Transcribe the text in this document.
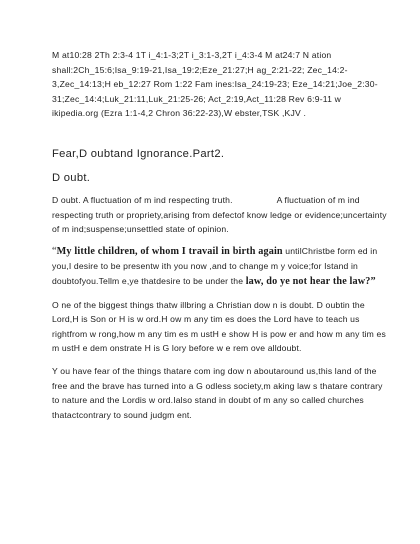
M at10:28 2Th 2:3-4 1T i_4:1-3;2T i_3:1-3,2T i_4:3-4 M at24:7 N ation shall:2Ch_15:6;Isa_9:19-21,Isa_19:2;Eze_21:27;H ag_2:21-22; Zec_14:2-3,Zec_14:13;H eb_12:27 Rom 1:22 Fam ines:Isa_24:19-23; Eze_14:21;Joe_2:30-31;Zec_14:4;Luk_21:11,Luk_21:25-26; Act_2:19,Act_11:28 Rev 6:9-11 w ikipedia.org (Ezra 1:1-4,2 Chron 36:22-23),W ebster,TSK ,KJV .

Fear,D oubtand Ignorance.Part2.
D oubt.

D oubt. A fluctuation of m ind respecting truth.	A fluctuation of m ind respecting truth or propriety,arising from defectof know ledge or evidence;uncertainty of m ind;suspense;unsettled state of opinion.

“My little children, of whom I travail in birth again untilChristbe form ed in you,I desire to be presentw ith you now ,and to change m y voice;for Istand in doubtofyou.Tellm e,ye thatdesire to be under the law, do ye not hear the law?”

O ne of the biggest things thatw illbring a Christian dow n is doubt. D oubtin the Lord,H is Son or H is w ord.H ow m any tim es does the Lord have to teach us rightfrom w rong,how m any tim es m ustH e show H is pow er and how m any tim es m ustH e dem onstrate H is G lory before w e rem ove alldoubt.

Y ou have fear of the things thatare com ing dow n aboutaround us,this land of the free and the brave has turned into a G odless society,m aking law s thatare contrary to nature and the Lordis w ord.Ialso stand in doubt of m any so called churches thatactcontrary to sound judgm ent.
